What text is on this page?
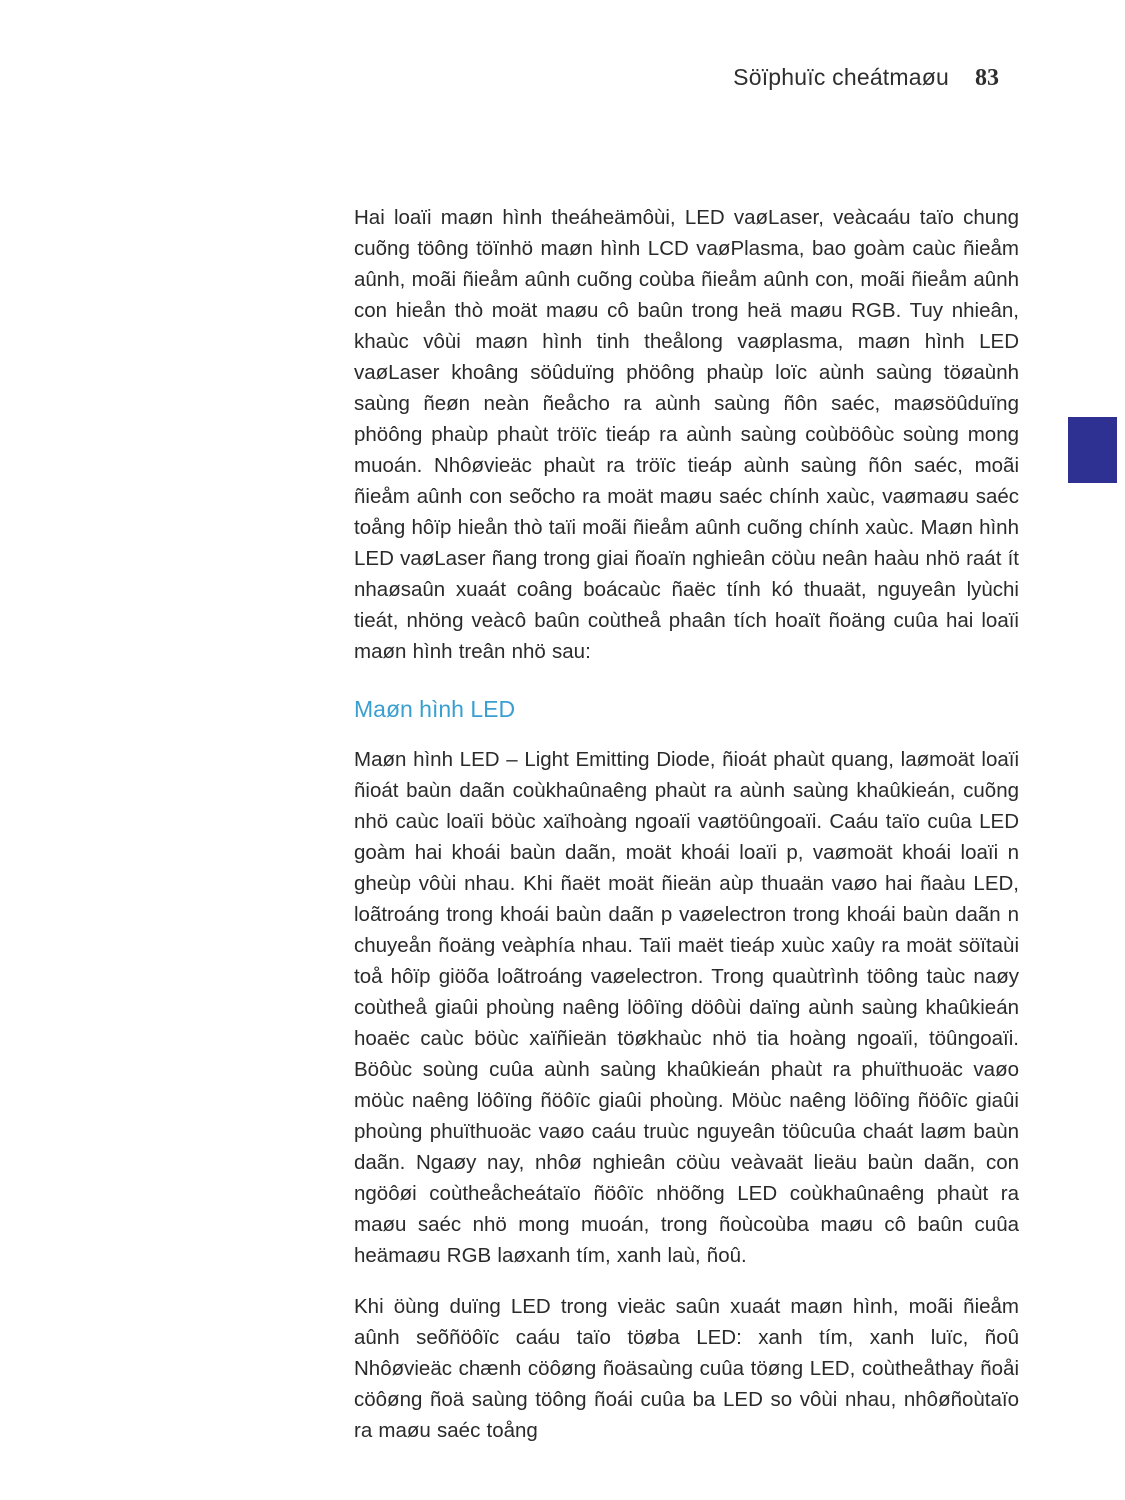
Söïphuïc cheátmaøu 83

Hai loaïi maøn hình theáheämôùi, LED vaøLaser, veàcaáu taïo chung cuõng töông töïnhö maøn hình LCD vaøPlasma, bao goàm caùc ñieåm aûnh, moãi ñieåm aûnh cuõng coùba ñieåm aûnh con, moãi ñieåm aûnh con hieån thò moät maøu cô baûn trong heä maøu RGB. Tuy nhieân, khaùc vôùi maøn hình tinh theålong vaøplasma, maøn hình LED vaøLaser khoâng söûduïng phöông phaùp loïc aùnh saùng töøaùnh saùng ñeøn neàn ñeåcho ra aùnh saùng ñôn saéc, maøsöûduïng phöông phaùp phaùt tröïc tieáp ra aùnh saùng coùböôùc soùng mong muoán. Nhôøvieäc phaùt ra tröïc tieáp aùnh saùng ñôn saéc, moãi ñieåm aûnh con seõcho ra moät maøu saéc chính xaùc, vaømaøu saéc toång hôïp hieån thò taïi moãi ñieåm aûnh cuõng chính xaùc. Maøn hình LED vaøLaser ñang trong giai ñoaïn nghieân cöùu neân haàu nhö raát ít nhaøsaûn xuaát coâng boácaùc ñaëc tính kó thuaät, nguyeân lyùchi tieát, nhöng veàcô baûn coùtheå phaân tích hoaït ñoäng cuûa hai loaïi maøn hình treân nhö sau:

Maøn hình LED

Maøn hình LED – Light Emitting Diode, ñioát phaùt quang, laømoät loaïi ñioát baùn daãn coùkhaûnaêng phaùt ra aùnh saùng khaûkieán, cuõng nhö caùc loaïi böùc xaïhoàng ngoaïi vaøtöûngoaïi. Caáu taïo cuûa LED goàm hai khoái baùn daãn, moät khoái loaïi p, vaømoät khoái loaïi n gheùp vôùi nhau. Khi ñaët moät ñieän aùp thuaän vaøo hai ñaàu LED, loãtroáng trong khoái baùn daãn p vaøelectron trong khoái baùn daãn n chuyeån ñoäng veàphía nhau. Taïi maët tieáp xuùc xaûy ra moät söïtaùi toå hôïp giöõa loãtroáng vaøelectron. Trong quaùtrình töông taùc naøy coùtheå giaûi phoùng naêng löôïng döôùi daïng aùnh saùng khaûkieán hoaëc caùc böùc xaïñieän töøkhaùc nhö tia hoàng ngoaïi, töûngoaïi. Böôùc soùng cuûa aùnh saùng khaûkieán phaùt ra phuïthuoäc vaøo möùc naêng löôïng ñöôïc giaûi phoùng. Möùc naêng löôïng ñöôïc giaûi phoùng phuïthuoäc vaøo caáu truùc nguyeân töûcuûa chaát laøm baùn daãn. Ngaøy nay, nhôø nghieân cöùu veàvaät lieäu baùn daãn, con ngöôøi coùtheåcheátaïo ñöôïc nhöõng LED coùkhaûnaêng phaùt ra maøu saéc nhö mong muoán, trong ñoùcoùba maøu cô baûn cuûa heämaøu RGB laøxanh tím, xanh laù, ñoû.

Khi öùng duïng LED trong vieäc saûn xuaát maøn hình, moãi ñieåm aûnh seõñöôïc caáu taïo töøba LED: xanh tím, xanh luïc, ñoû Nhôøvieäc chænh cöôøng ñoäsaùng cuûa töøng LED, coùtheåthay ñoåi cöôøng ñoä saùng töông ñoái cuûa ba LED so vôùi nhau, nhôøñoùtaïo ra maøu saéc toång
